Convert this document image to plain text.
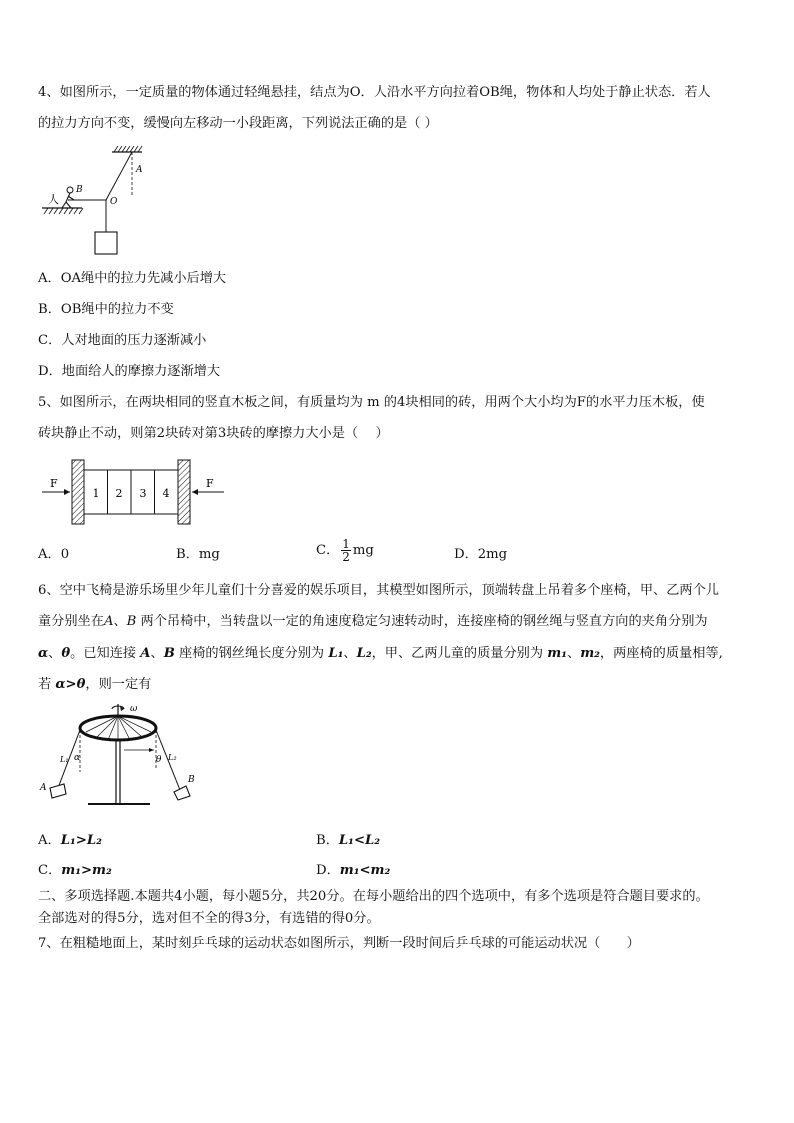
4、如图所示，一定质量的物体通过轻绳悬挂，结点为O．人沿水平方向拉着OB绳，物体和人均处于静止状态．若人
的拉力方向不变，缓慢向左移动一小段距离，下列说法正确的是（ ）
人
A
B
O
A．OA绳中的拉力先减小后增大
B．OB绳中的拉力不变
C．人对地面的压力逐渐减小
D．地面给人的摩擦力逐渐增大
5、如图所示，在两块相同的竖直木板之间，有质量均为 m 的4块相同的砖，用两个大小均为F的水平力压木板，使
砖块静止不动，则第2块砖对第3块砖的摩擦力大小是（　 ）
1 2 3 4
F	F
A．0	B．mg	C． $\frac{1}{2}$ mg	D．2mg
6、空中飞椅是游乐场里少年儿童们十分喜爱的娱乐项目，其模型如图所示，顶端转盘上吊着多个座椅，甲、乙两个儿
童分别坐在A、B 两个吊椅中，当转盘以一定的角速度稳定匀速转动时，连接座椅的钢丝绳与竖直方向的夹角分别为
α、θ。已知连接 A、B 座椅的钢丝绳长度分别为 L₁、L₂，甲、乙两儿童的质量分别为 m₁、m₂，两座椅的质量相等,
若 α>θ，则一定有
ω
L₁ α	θ L₂
A
B
A．L₁>L₂	B．L₁<L₂
C．m₁>m₂	D．m₁<m₂
二、多项选择题.本题共4小题，每小题5分，共20分。在每小题给出的四个选项中，有多个选项是符合题目要求的。
全部选对的得5分，选对但不全的得3分，有选错的得0分。
7、在粗糙地面上，某时刻乒乓球的运动状态如图所示，判断一段时间后乒乓球的可能运动状况（　　）
